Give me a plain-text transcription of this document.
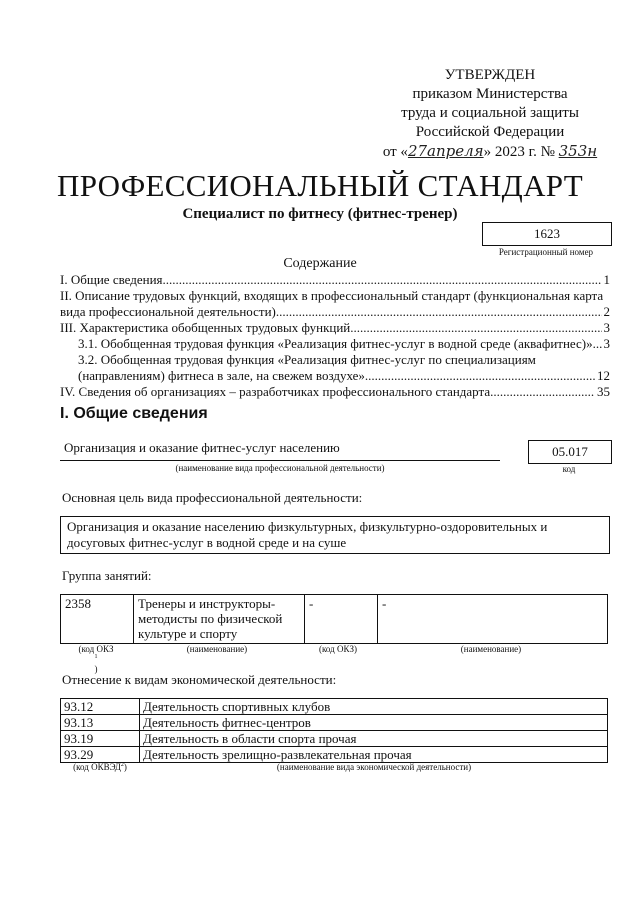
УТВЕРЖДЕН
приказом Министерства
труда и социальной защиты
Российской Федерации
от «27апреля» 2023 г. № 353н
ПРОФЕССИОНАЛЬНЫЙ СТАНДАРТ
Специалист по фитнесу (фитнес-тренер)
1623
Регистрационный номер
Содержание
I. Общие сведения .....	1
II. Описание трудовых функций, входящих в профессиональный стандарт (функциональная карта
вида профессиональной деятельности) .....	2
III. Характеристика обобщенных трудовых функций .....	3
3.1. Обобщенная трудовая функция «Реализация фитнес-услуг в водной среде (аквафитнес)» ..... 3
3.2. Обобщенная трудовая функция «Реализация фитнес-услуг по специализациям
(направлениям) фитнеса в зале, на свежем воздухе» .....	12
IV. Сведения об организациях – разработчиках профессионального стандарта .....	35
I. Общие сведения
Организация и оказание фитнес-услуг населению
(наименование вида профессиональной деятельности)
05.017
код
Основная цель вида профессиональной деятельности:
Организация и оказание населению физкультурных, физкультурно-оздоровительных и досуговых фитнес-услуг в водной среде и на суше
Группа занятий:
2358	Тренеры и инструкторы-методисты по физической культуре и спорту	-	-
(код ОКЗ
$^1$
)
(наименование)	(код ОКЗ)	(наименование)
Отнесение к видам экономической деятельности:
93.12	Деятельность спортивных клубов
93.13	Деятельность фитнес-центров
93.19	Деятельность в области спорта прочая
93.29	Деятельность зрелищно-развлекательная прочая
(код ОКВЭД$^2$)	(наименование вида экономической деятельности)
